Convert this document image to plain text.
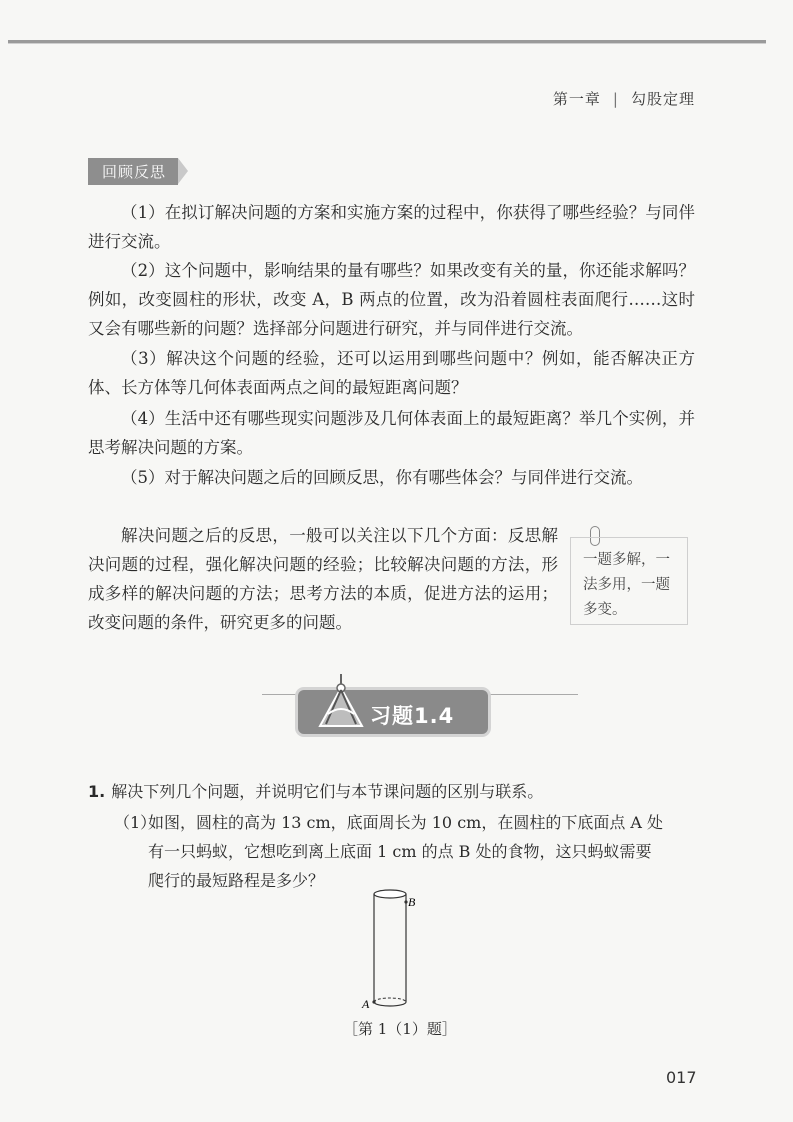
第一章 | 勾股定理
回顾反思

（1）在拟订解决问题的方案和实施方案的过程中，你获得了哪些经验？与同伴进行交流。

（2）这个问题中，影响结果的量有哪些？如果改变有关的量，你还能求解吗？例如，改变圆柱的形状，改变 A，B 两点的位置，改为沿着圆柱表面爬行……这时又会有哪些新的问题？选择部分问题进行研究，并与同伴进行交流。

（3）解决这个问题的经验，还可以运用到哪些问题中？例如，能否解决正方体、长方体等几何体表面两点之间的最短距离问题？

（4）生活中还有哪些现实问题涉及几何体表面上的最短距离？举几个实例，并思考解决问题的方案。

（5）对于解决问题之后的回顾反思，你有哪些体会？与同伴进行交流。

解决问题之后的反思，一般可以关注以下几个方面：反思解决问题的过程，强化解决问题的经验；比较解决问题的方法，形成多样的解决问题的方法；思考方法的本质，促进方法的运用；改变问题的条件，研究更多的问题。

一题多解，一法多用，一题多变。
习题1.4
1. 解决下列几个问题，并说明它们与本节课问题的区别与联系。
（1）如图，圆柱的高为 13 cm，底面周长为 10 cm，在圆柱的下底面点 A 处
有一只蚂蚁，它想吃到离上底面 1 cm 的点 B 处的食物，这只蚂蚁需要
爬行的最短路程是多少？
B
A
［第 1（1）题］
017
